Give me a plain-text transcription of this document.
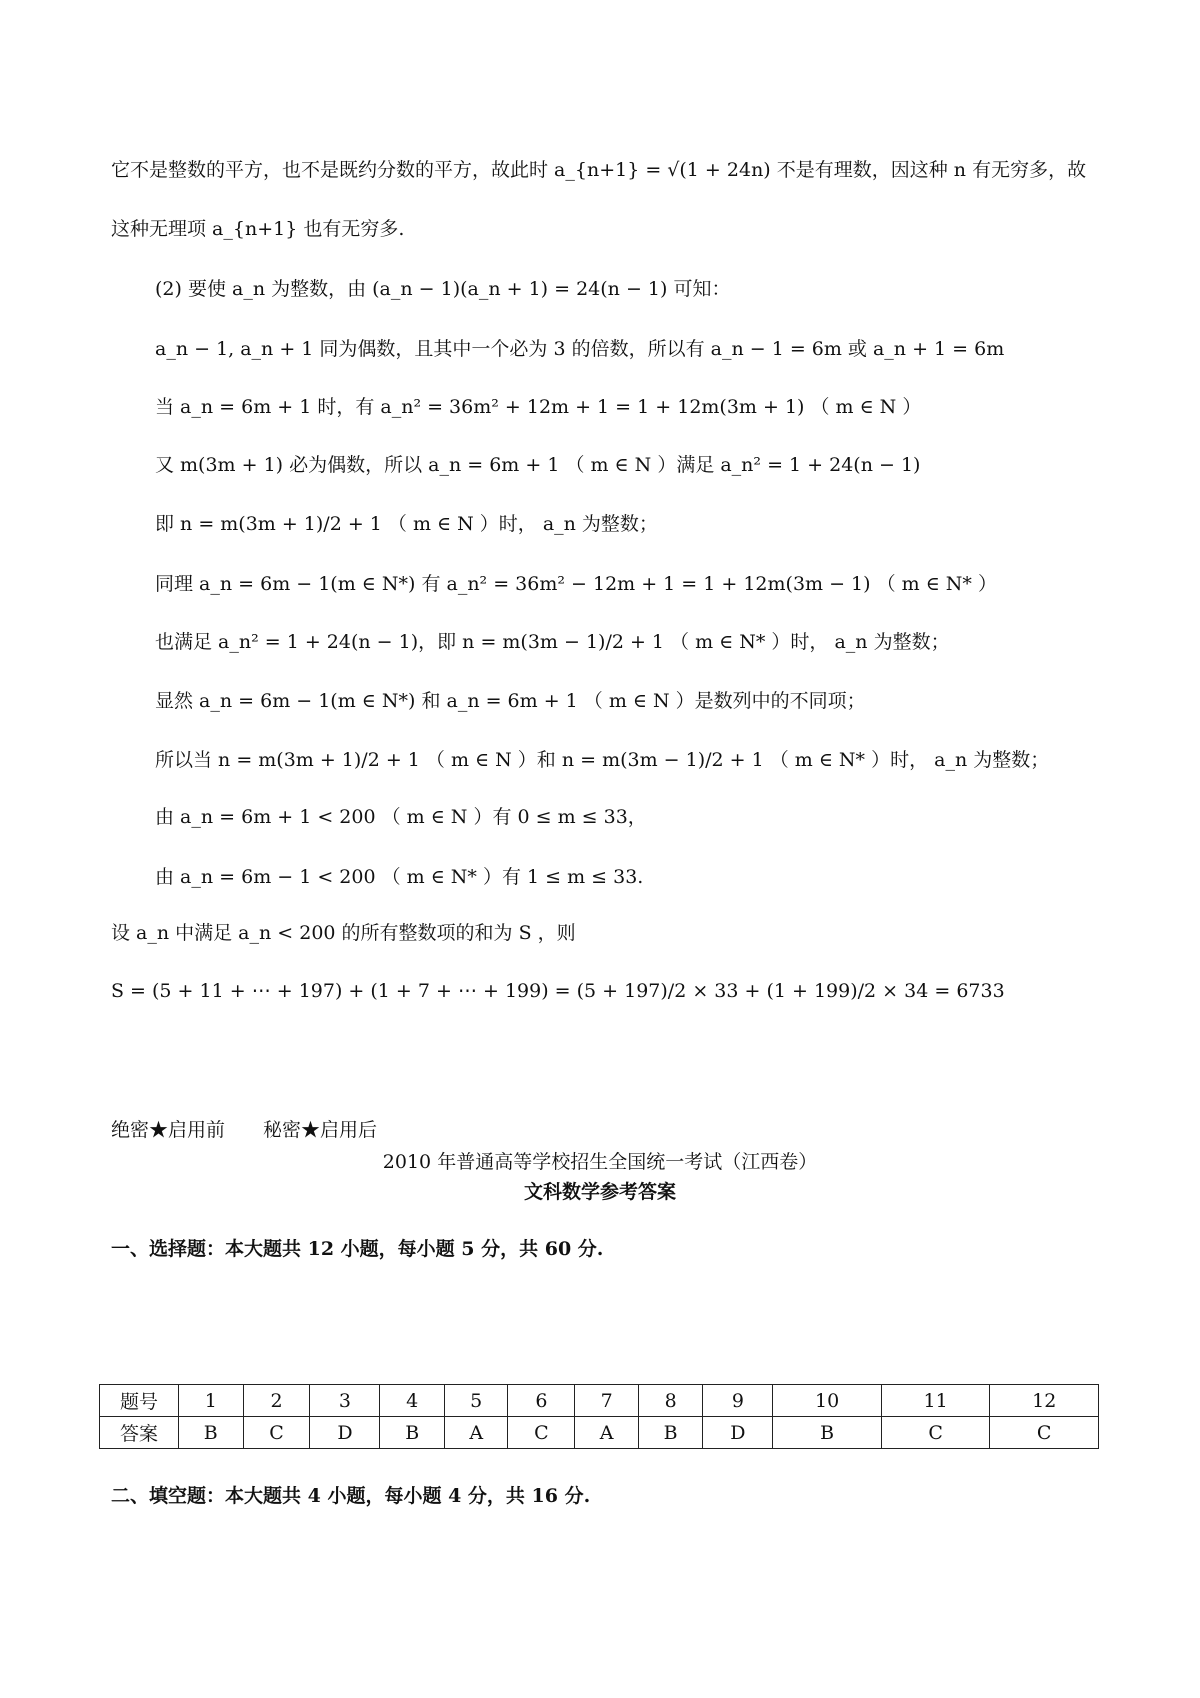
它不是整数的平方，也不是既约分数的平方，故此时 a_{n+1} = √(1 + 24n) 不是有理数，因这种 n 有无穷多，故
这种无理项 a_{n+1} 也有无穷多.
(2) 要使 a_n 为整数，由 (a_n − 1)(a_n + 1) = 24(n − 1) 可知：
a_n − 1, a_n + 1 同为偶数，且其中一个必为 3 的倍数，所以有 a_n − 1 = 6m 或 a_n + 1 = 6m
当 a_n = 6m + 1 时，有 a_n² = 36m² + 12m + 1 = 1 + 12m(3m + 1) （ m ∈ N ）
又 m(3m + 1) 必为偶数，所以 a_n = 6m + 1 （ m ∈ N ）满足 a_n² = 1 + 24(n − 1)
即 n = m(3m + 1)/2 + 1 （ m ∈ N ）时， a_n 为整数；
同理 a_n = 6m − 1(m ∈ N*) 有 a_n² = 36m² − 12m + 1 = 1 + 12m(3m − 1) （ m ∈ N* ）
也满足 a_n² = 1 + 24(n − 1)，即 n = m(3m − 1)/2 + 1 （ m ∈ N* ）时， a_n 为整数；
显然 a_n = 6m − 1(m ∈ N*) 和 a_n = 6m + 1 （ m ∈ N ）是数列中的不同项；
所以当 n = m(3m + 1)/2 + 1 （ m ∈ N ）和 n = m(3m − 1)/2 + 1 （ m ∈ N* ）时， a_n 为整数；
由 a_n = 6m + 1 < 200 （ m ∈ N ）有 0 ≤ m ≤ 33，
由 a_n = 6m − 1 < 200 （ m ∈ N* ）有 1 ≤ m ≤ 33.
设 a_n 中满足 a_n < 200 的所有整数项的和为 S ，则
S = (5 + 11 + ⋯ + 197) + (1 + 7 + ⋯ + 199) = (5 + 197)/2 × 33 + (1 + 199)/2 × 34 = 6733
绝密★启用前　　秘密★启用后
2010 年普通高等学校招生全国统一考试（江西卷）
文科数学参考答案
一、选择题：本大题共 12 小题，每小题 5 分，共 60 分.
题号	1	2	3	4	5	6	7	8	9	10	11	12
答案	B	C	D	B	A	C	A	B	D	B	C	C
二、填空题：本大题共 4 小题，每小题 4 分，共 16 分.
